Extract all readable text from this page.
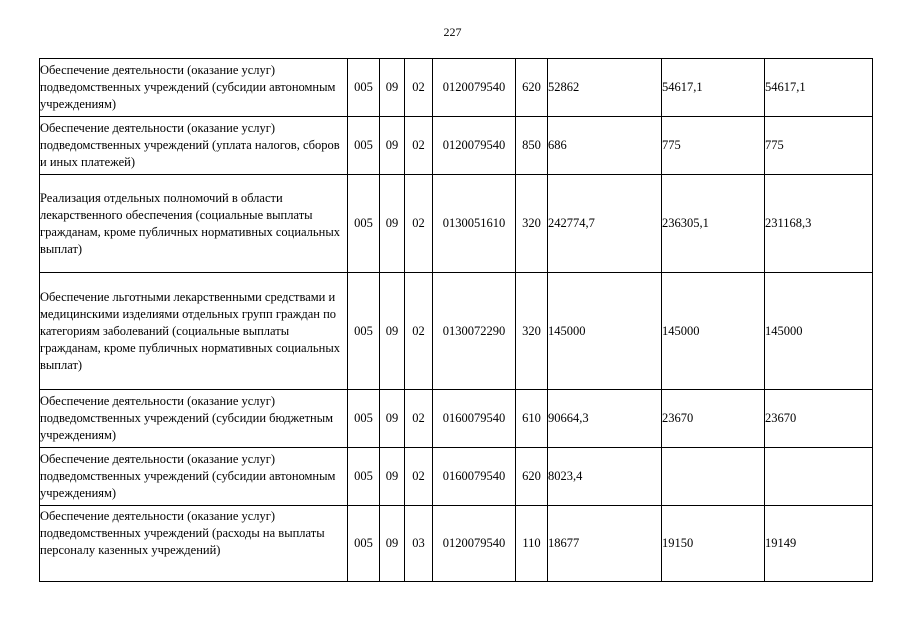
227
Обеспечение деятельности (оказание услуг) подведомственных учреждений (субсидии автономным учреждениям)	005	09	02	0120079540	620	52862	54617,1	54617,1
Обеспечение деятельности (оказание услуг) подведомственных учреждений (уплата налогов, сборов и иных платежей)	005	09	02	0120079540	850	686	775	775
Реализация отдельных полномочий в области лекарственного обеспечения (социальные выплаты гражданам, кроме публичных нормативных социальных выплат)	005	09	02	0130051610	320	242774,7	236305,1	231168,3
Обеспечение льготными лекарственными средствами и медицинскими изделиями отдельных групп граждан по категориям заболеваний (социальные выплаты гражданам, кроме публичных нормативных социальных выплат)	005	09	02	0130072290	320	145000	145000	145000
Обеспечение деятельности (оказание услуг) подведомственных учреждений (субсидии бюджетным учреждениям)	005	09	02	0160079540	610	90664,3	23670	23670
Обеспечение деятельности (оказание услуг) подведомственных учреждений (субсидии автономным учреждениям)	005	09	02	0160079540	620	8023,4		
Обеспечение деятельности (оказание услуг) подведомственных учреждений (расходы на выплаты персоналу казенных учреждений)	005	09	03	0120079540	110	18677	19150	19149
